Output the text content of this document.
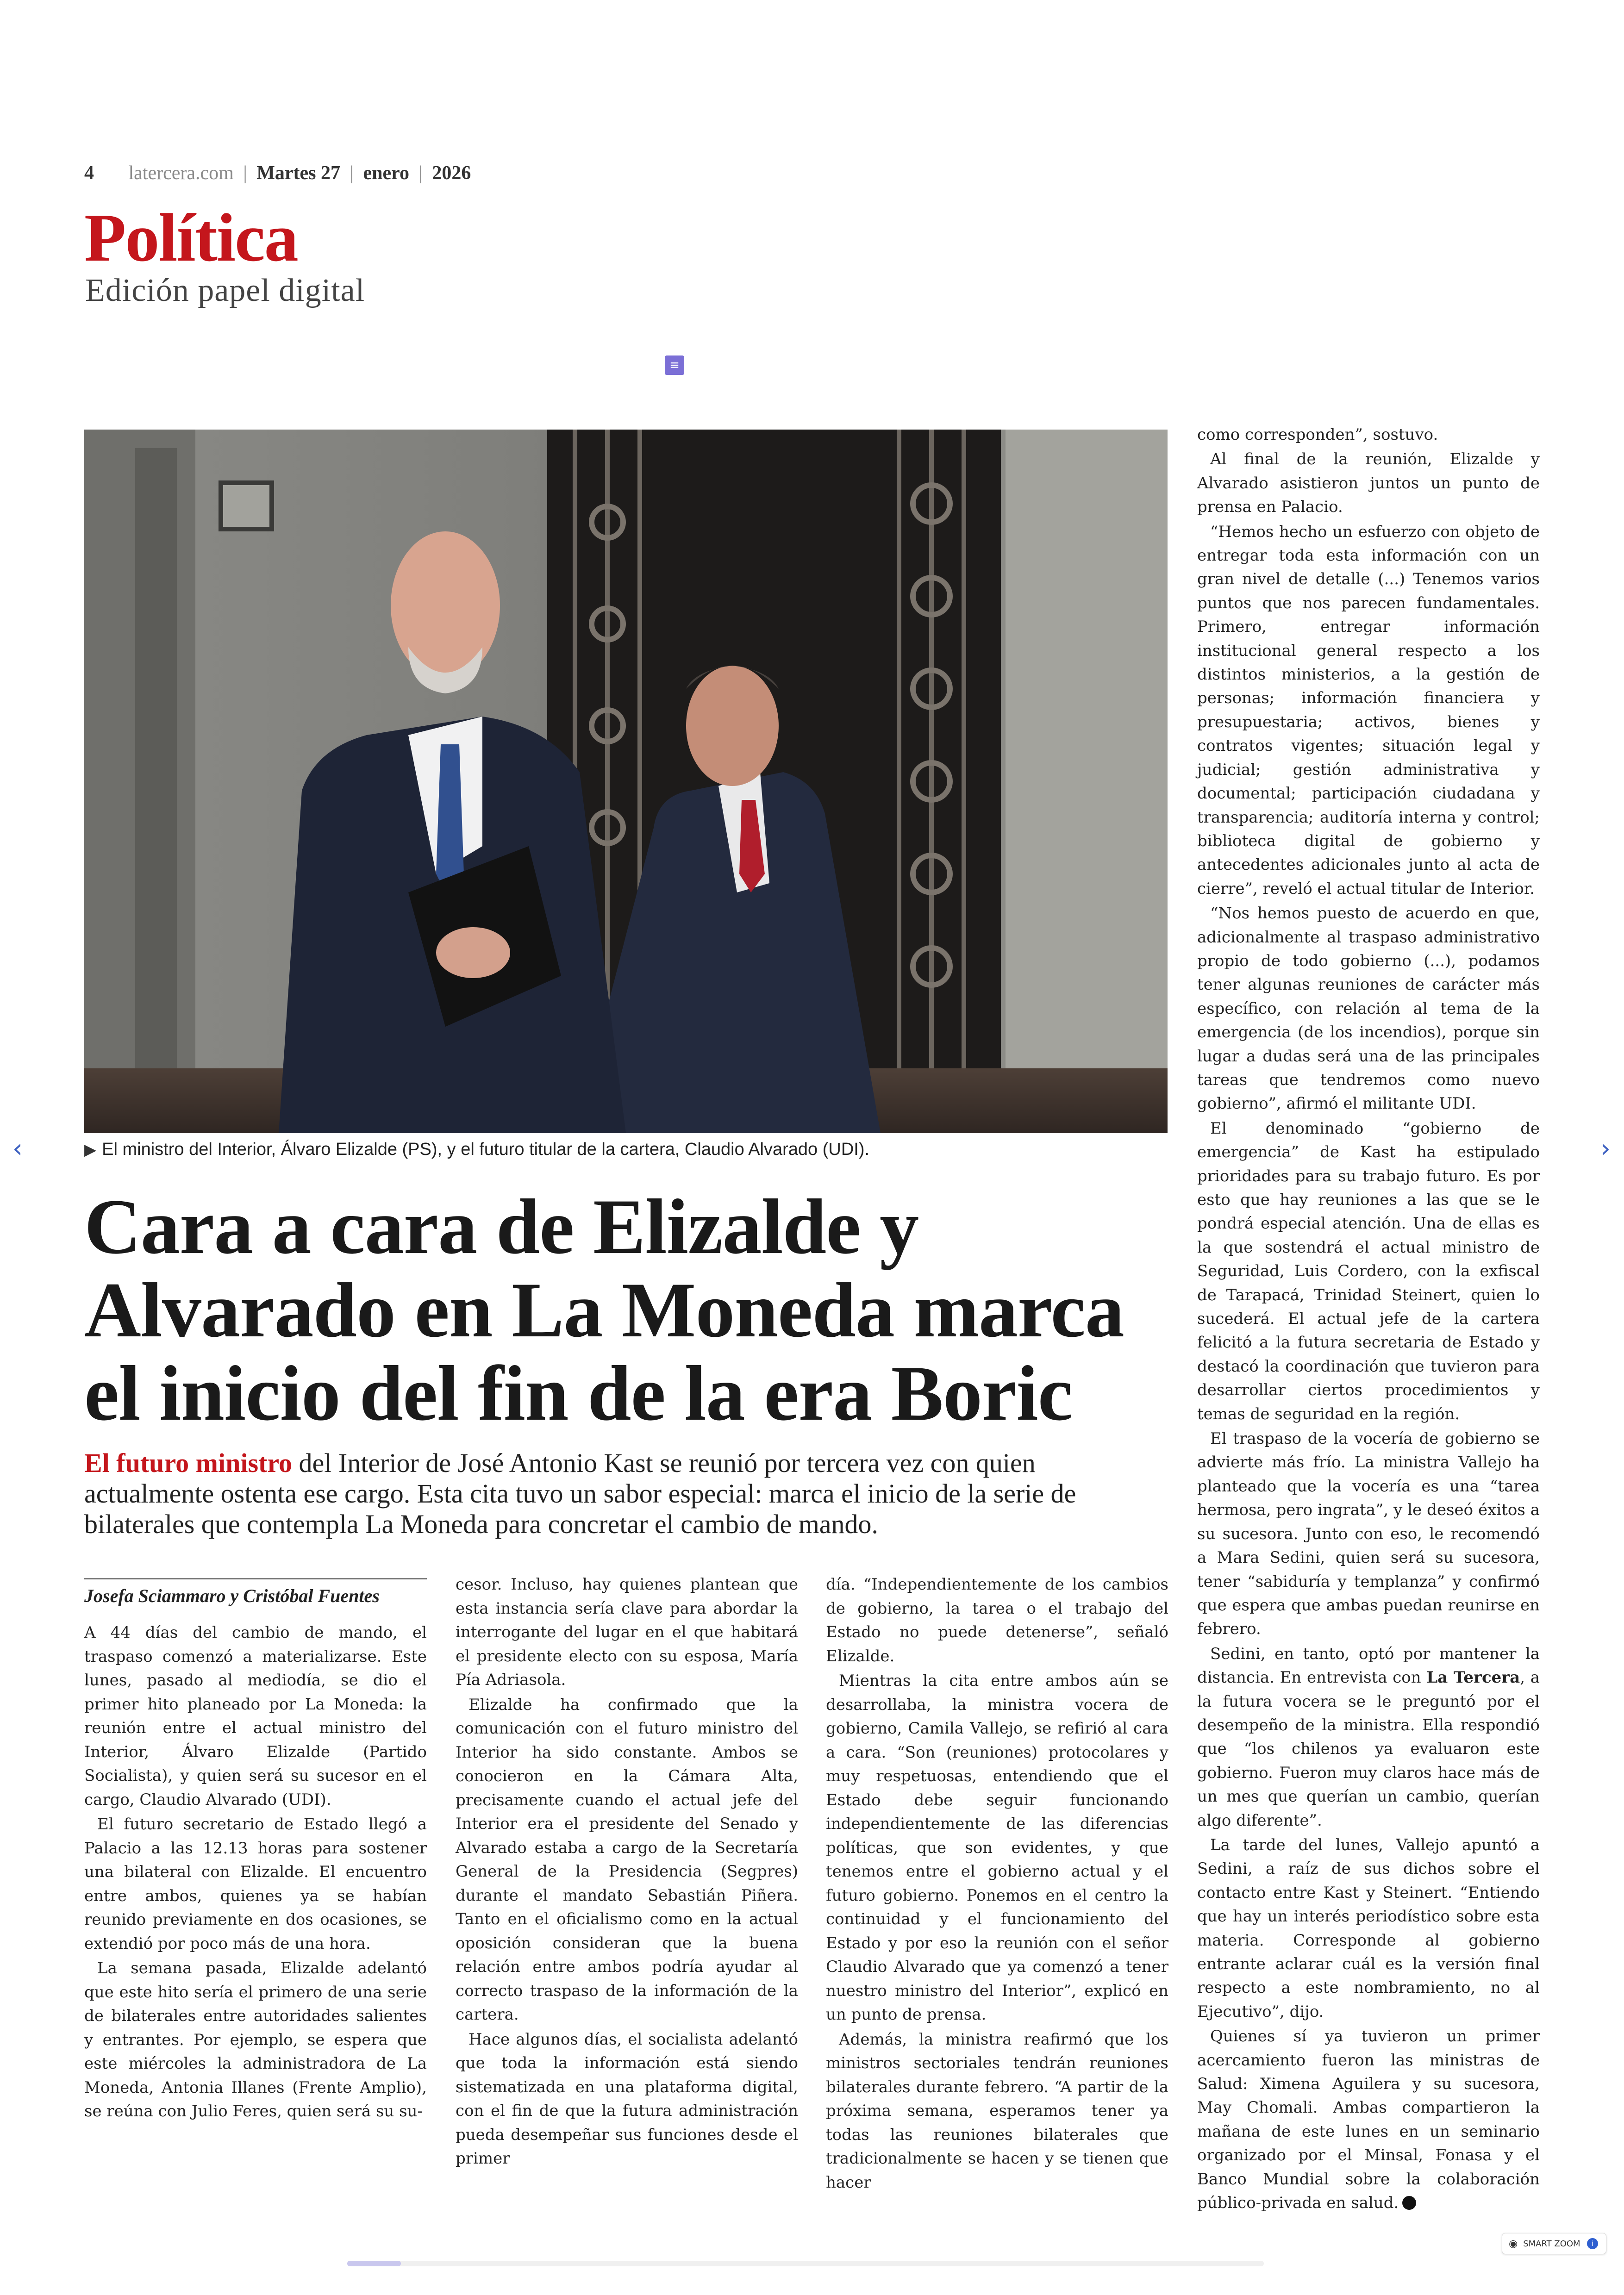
4 latercera.com | Martes 27 | enero | 2026
Política
Edición papel digital
≡
▶ El ministro del Interior, Álvaro Elizalde (PS), y el futuro titular de la cartera, Claudio Alvarado (UDI).
Cara a cara de Elizalde y Alvarado en La Moneda marca el inicio del fin de la era Boric
El futuro ministro del Interior de José Antonio Kast se reunió por tercera vez con quien actualmente ostenta ese cargo. Esta cita tuvo un sabor especial: marca el inicio de la serie de bilaterales que contempla La Moneda para concretar el cambio de mando.
Josefa Sciammaro y Cristóbal Fuentes

A 44 días del cambio de mando, el traspaso comenzó a materializarse. Este lunes, pasado al mediodía, se dio el primer hito planeado por La Moneda: la reunión entre el actual ministro del Interior, Álvaro Elizalde (Partido Socialista), y quien será su sucesor en el cargo, Claudio Alvarado (UDI).

El futuro secretario de Estado llegó a Palacio a las 12.13 horas para sostener una bilateral con Elizalde. El encuentro entre ambos, quienes ya se habían reunido previamente en dos ocasiones, se extendió por poco más de una hora.

La semana pasada, Elizalde adelantó que este hito sería el primero de una serie de bilaterales entre autoridades salientes y entrantes. Por ejemplo, se espera que este miércoles la administradora de La Moneda, Antonia Illanes (Frente Amplio), se reúna con Julio Feres, quien será su su-

cesor. Incluso, hay quienes plantean que esta instancia sería clave para abordar la interrogante del lugar en el que habitará el presidente electo con su esposa, María Pía Adriasola.

Elizalde ha confirmado que la comunicación con el futuro ministro del Interior ha sido constante. Ambos se conocieron en la Cámara Alta, precisamente cuando el actual jefe del Interior era el presidente del Senado y Alvarado estaba a cargo de la Secretaría General de la Presidencia (Segpres) durante el mandato Sebastián Piñera. Tanto en el oficialismo como en la actual oposición consideran que la buena relación entre ambos podría ayudar al correcto traspaso de la información de la cartera.

Hace algunos días, el socialista adelantó que toda la información está siendo sistematizada en una plataforma digital, con el fin de que la futura administración pueda desempeñar sus funciones desde el primer

día. “Independientemente de los cambios de gobierno, la tarea o el trabajo del Estado no puede detenerse”, señaló Elizalde.

Mientras la cita entre ambos aún se desarrollaba, la ministra vocera de gobierno, Camila Vallejo, se refirió al cara a cara. “Son (reuniones) protocolares y muy respetuosas, entendiendo que el Estado debe seguir funcionando independientemente de las diferencias políticas, que son evidentes, y que tenemos entre el gobierno actual y el futuro gobierno. Ponemos en el centro la continuidad y el funcionamiento del Estado y por eso la reunión con el señor Claudio Alvarado que ya comenzó a tener nuestro ministro del Interior”, explicó en un punto de prensa.

Además, la ministra reafirmó que los ministros sectoriales tendrán reuniones bilaterales durante febrero. “A partir de la próxima semana, esperamos tener ya todas las reuniones bilaterales que tradicionalmente se hacen y se tienen que hacer

como corresponden”, sostuvo.

Al final de la reunión, Elizalde y Alvarado asistieron juntos un punto de prensa en Palacio.

“Hemos hecho un esfuerzo con objeto de entregar toda esta información con un gran nivel de detalle (...) Tenemos varios puntos que nos parecen fundamentales. Primero, entregar información institucional general respecto a los distintos ministerios, a la gestión de personas; información financiera y presupuestaria; activos, bienes y contratos vigentes; situación legal y judicial; gestión administrativa y documental; participación ciudadana y transparencia; auditoría interna y control; biblioteca digital de gobierno y antecedentes adicionales junto al acta de cierre”, reveló el actual titular de Interior.

“Nos hemos puesto de acuerdo en que, adicionalmente al traspaso administrativo propio de todo gobierno (...), podamos tener algunas reuniones de carácter más específico, con relación al tema de la emergencia (de los incendios), porque sin lugar a dudas será una de las principales tareas que tendremos como nuevo gobierno”, afirmó el militante UDI.

El denominado “gobierno de emergencia” de Kast ha estipulado prioridades para su trabajo futuro. Es por esto que hay reuniones a las que se le pondrá especial atención. Una de ellas es la que sostendrá el actual ministro de Seguridad, Luis Cordero, con la exfiscal de Tarapacá, Trinidad Steinert, quien lo sucederá. El actual jefe de la cartera felicitó a la futura secretaria de Estado y destacó la coordinación que tuvieron para desarrollar ciertos procedimientos y temas de seguridad en la región.

El traspaso de la vocería de gobierno se advierte más frío. La ministra Vallejo ha planteado que la vocería es una “tarea hermosa, pero ingrata”, y le deseó éxitos a su sucesora. Junto con eso, le recomendó a Mara Sedini, quien será su sucesora, tener “sabiduría y templanza” y confirmó que espera que ambas puedan reunirse en febrero.

Sedini, en tanto, optó por mantener la distancia. En entrevista con La Tercera, a la futura vocera se le preguntó por el desempeño de la ministra. Ella respondió que “los chilenos ya evaluaron este gobierno. Fueron muy claros hace más de un mes que querían un cambio, querían algo diferente”.

La tarde del lunes, Vallejo apuntó a Sedini, a raíz de sus dichos sobre el contacto entre Kast y Steinert. “Entiendo que hay un interés periodístico sobre esta materia. Corresponde al gobierno entrante aclarar cuál es la versión final respecto a este nombramiento, no al Ejecutivo”, dijo.

Quienes sí ya tuvieron un primer acercamiento fueron las ministras de Salud: Ximena Aguilera y su sucesora, May Chomali. Ambas compartieron la mañana de este lunes en un seminario organizado por el Minsal, Fonasa y el Banco Mundial sobre la colaboración público-privada en salud.

‹	›
◉ SMART ZOOM	i
